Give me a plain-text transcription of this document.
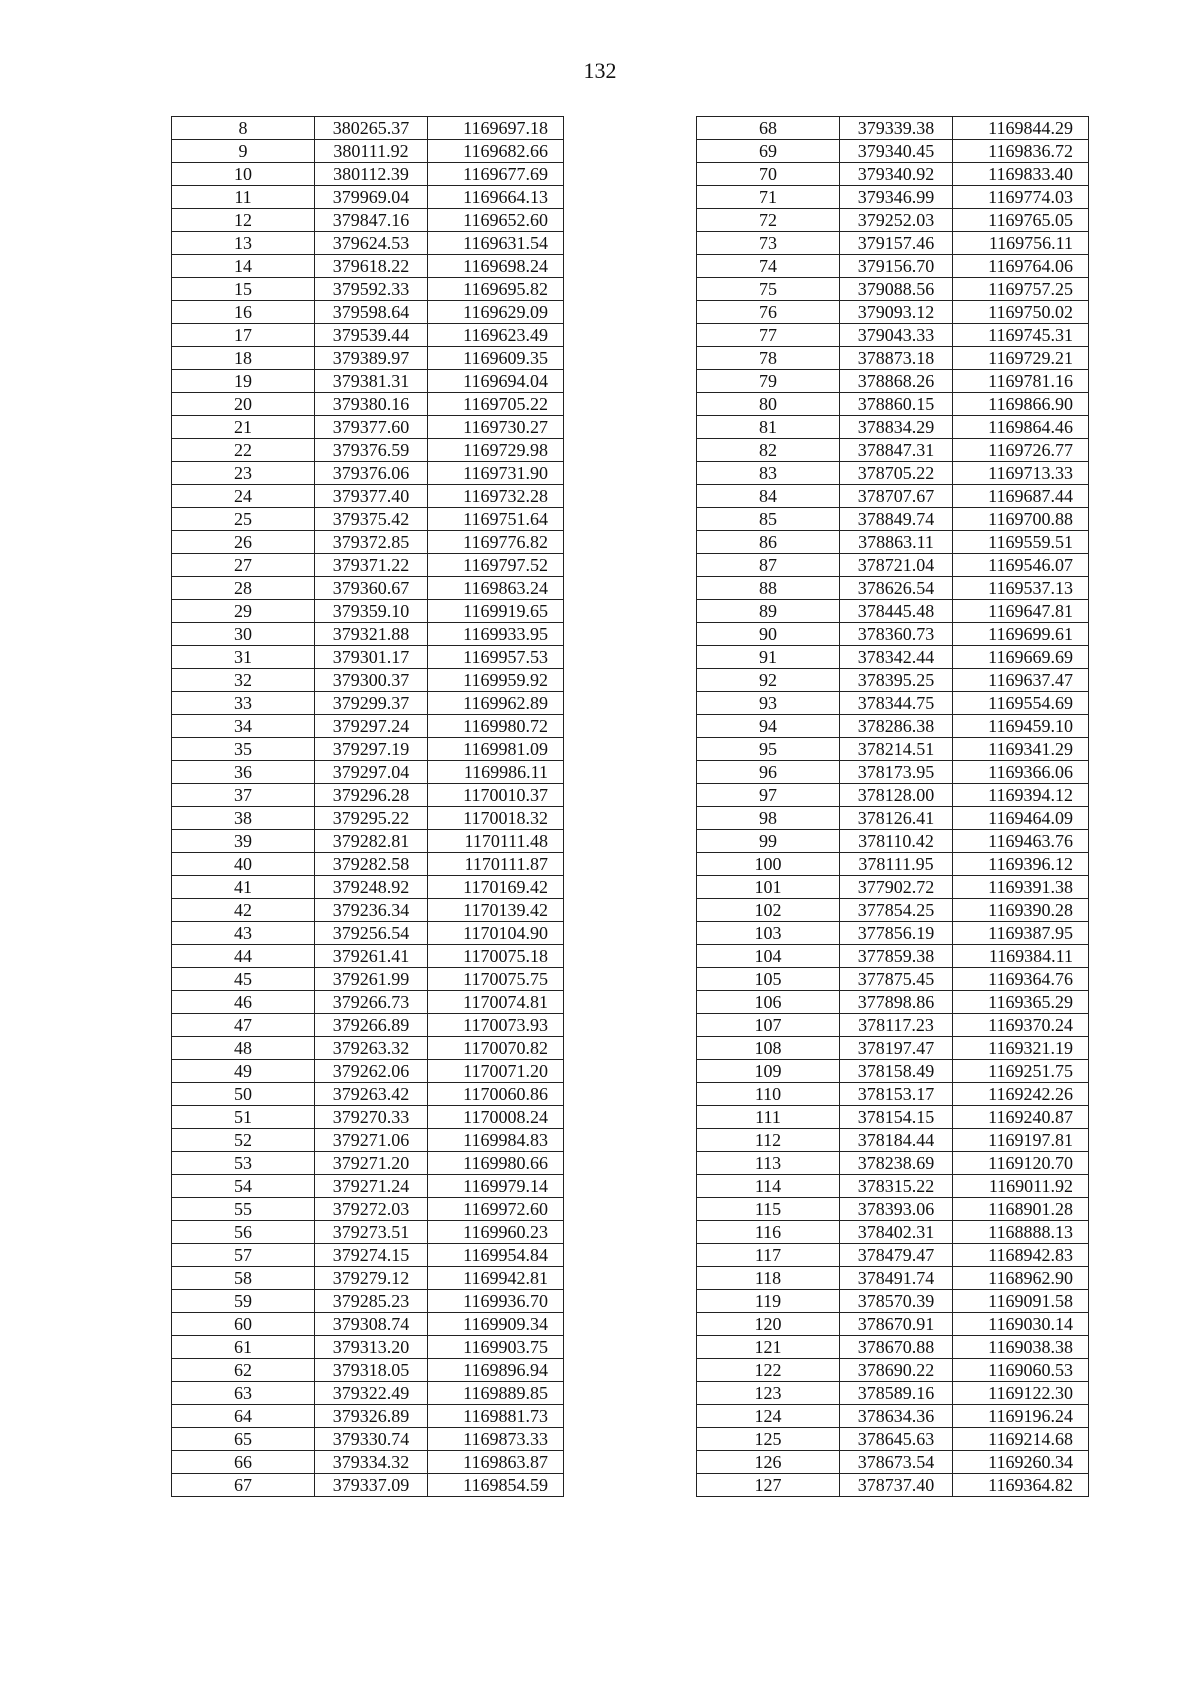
132
8	380265.37	1169697.18
9	380111.92	1169682.66
10	380112.39	1169677.69
11	379969.04	1169664.13
12	379847.16	1169652.60
13	379624.53	1169631.54
14	379618.22	1169698.24
15	379592.33	1169695.82
16	379598.64	1169629.09
17	379539.44	1169623.49
18	379389.97	1169609.35
19	379381.31	1169694.04
20	379380.16	1169705.22
21	379377.60	1169730.27
22	379376.59	1169729.98
23	379376.06	1169731.90
24	379377.40	1169732.28
25	379375.42	1169751.64
26	379372.85	1169776.82
27	379371.22	1169797.52
28	379360.67	1169863.24
29	379359.10	1169919.65
30	379321.88	1169933.95
31	379301.17	1169957.53
32	379300.37	1169959.92
33	379299.37	1169962.89
34	379297.24	1169980.72
35	379297.19	1169981.09
36	379297.04	1169986.11
37	379296.28	1170010.37
38	379295.22	1170018.32
39	379282.81	1170111.48
40	379282.58	1170111.87
41	379248.92	1170169.42
42	379236.34	1170139.42
43	379256.54	1170104.90
44	379261.41	1170075.18
45	379261.99	1170075.75
46	379266.73	1170074.81
47	379266.89	1170073.93
48	379263.32	1170070.82
49	379262.06	1170071.20
50	379263.42	1170060.86
51	379270.33	1170008.24
52	379271.06	1169984.83
53	379271.20	1169980.66
54	379271.24	1169979.14
55	379272.03	1169972.60
56	379273.51	1169960.23
57	379274.15	1169954.84
58	379279.12	1169942.81
59	379285.23	1169936.70
60	379308.74	1169909.34
61	379313.20	1169903.75
62	379318.05	1169896.94
63	379322.49	1169889.85
64	379326.89	1169881.73
65	379330.74	1169873.33
66	379334.32	1169863.87
67	379337.09	1169854.59
68	379339.38	1169844.29
69	379340.45	1169836.72
70	379340.92	1169833.40
71	379346.99	1169774.03
72	379252.03	1169765.05
73	379157.46	1169756.11
74	379156.70	1169764.06
75	379088.56	1169757.25
76	379093.12	1169750.02
77	379043.33	1169745.31
78	378873.18	1169729.21
79	378868.26	1169781.16
80	378860.15	1169866.90
81	378834.29	1169864.46
82	378847.31	1169726.77
83	378705.22	1169713.33
84	378707.67	1169687.44
85	378849.74	1169700.88
86	378863.11	1169559.51
87	378721.04	1169546.07
88	378626.54	1169537.13
89	378445.48	1169647.81
90	378360.73	1169699.61
91	378342.44	1169669.69
92	378395.25	1169637.47
93	378344.75	1169554.69
94	378286.38	1169459.10
95	378214.51	1169341.29
96	378173.95	1169366.06
97	378128.00	1169394.12
98	378126.41	1169464.09
99	378110.42	1169463.76
100	378111.95	1169396.12
101	377902.72	1169391.38
102	377854.25	1169390.28
103	377856.19	1169387.95
104	377859.38	1169384.11
105	377875.45	1169364.76
106	377898.86	1169365.29
107	378117.23	1169370.24
108	378197.47	1169321.19
109	378158.49	1169251.75
110	378153.17	1169242.26
111	378154.15	1169240.87
112	378184.44	1169197.81
113	378238.69	1169120.70
114	378315.22	1169011.92
115	378393.06	1168901.28
116	378402.31	1168888.13
117	378479.47	1168942.83
118	378491.74	1168962.90
119	378570.39	1169091.58
120	378670.91	1169030.14
121	378670.88	1169038.38
122	378690.22	1169060.53
123	378589.16	1169122.30
124	378634.36	1169196.24
125	378645.63	1169214.68
126	378673.54	1169260.34
127	378737.40	1169364.82
